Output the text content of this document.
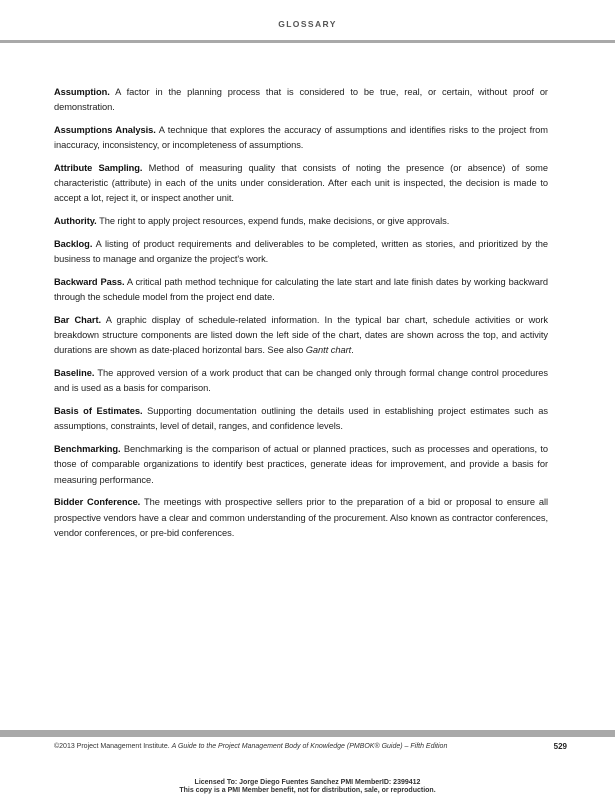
GLOSSARY

Assumption. A factor in the planning process that is considered to be true, real, or certain, without proof or demonstration.

Assumptions Analysis. A technique that explores the accuracy of assumptions and identifies risks to the project from inaccuracy, inconsistency, or incompleteness of assumptions.

Attribute Sampling. Method of measuring quality that consists of noting the presence (or absence) of some characteristic (attribute) in each of the units under consideration. After each unit is inspected, the decision is made to accept a lot, reject it, or inspect another unit.

Authority. The right to apply project resources, expend funds, make decisions, or give approvals.

Backlog. A listing of product requirements and deliverables to be completed, written as stories, and prioritized by the business to manage and organize the project's work.

Backward Pass. A critical path method technique for calculating the late start and late finish dates by working backward through the schedule model from the project end date.

Bar Chart. A graphic display of schedule-related information. In the typical bar chart, schedule activities or work breakdown structure components are listed down the left side of the chart, dates are shown across the top, and activity durations are shown as date-placed horizontal bars. See also Gantt chart.

Baseline. The approved version of a work product that can be changed only through formal change control procedures and is used as a basis for comparison.

Basis of Estimates. Supporting documentation outlining the details used in establishing project estimates such as assumptions, constraints, level of detail, ranges, and confidence levels.

Benchmarking. Benchmarking is the comparison of actual or planned practices, such as processes and operations, to those of comparable organizations to identify best practices, generate ideas for improvement, and provide a basis for measuring performance.

Bidder Conference. The meetings with prospective sellers prior to the preparation of a bid or proposal to ensure all prospective vendors have a clear and common understanding of the procurement. Also known as contractor conferences, vendor conferences, or pre-bid conferences.

©2013 Project Management Institute. A Guide to the Project Management Body of Knowledge (PMBOK® Guide) – Fifth Edition	529
Licensed To: Jorge Diego Fuentes Sanchez PMI MemberID: 2399412
This copy is a PMI Member benefit, not for distribution, sale, or reproduction.
